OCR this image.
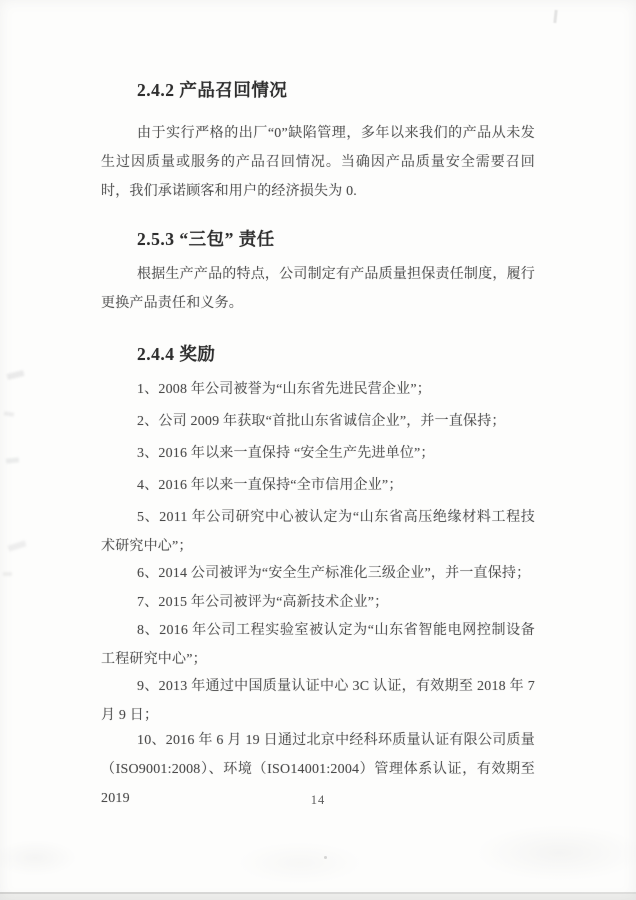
2.4.2 产品召回情况

由于实行严格的出厂“0”缺陷管理，多年以来我们的产品从未发生过因质量或服务的产品召回情况。当确因产品质量安全需要召回时，我们承诺顾客和用户的经济损失为 0.

2.5.3 “三包” 责任

根据生产产品的特点，公司制定有产品质量担保责任制度，履行更换产品责任和义务。

2.4.4 奖励
1、2008 年公司被誉为“山东省先进民营企业”；
2、公司 2009 年获取“首批山东省诚信企业”，并一直保持；
3、2016 年以来一直保持 “安全生产先进单位”；
4、2016 年以来一直保持“全市信用企业”；
5、2011 年公司研究中心被认定为“山东省高压绝缘材料工程技术研究中心”；
6、2014 公司被评为“安全生产标准化三级企业”，并一直保持；
7、2015 年公司被评为“高新技术企业”；
8、2016 年公司工程实验室被认定为“山东省智能电网控制设备工程研究中心”；
9、2013 年通过中国质量认证中心 3C 认证，有效期至 2018 年 7 月 9 日；
10、2016 年 6 月 19 日通过北京中经科环质量认证有限公司质量（ISO9001:2008）、环境（ISO14001:2004）管理体系认证，有效期至 2019	14
